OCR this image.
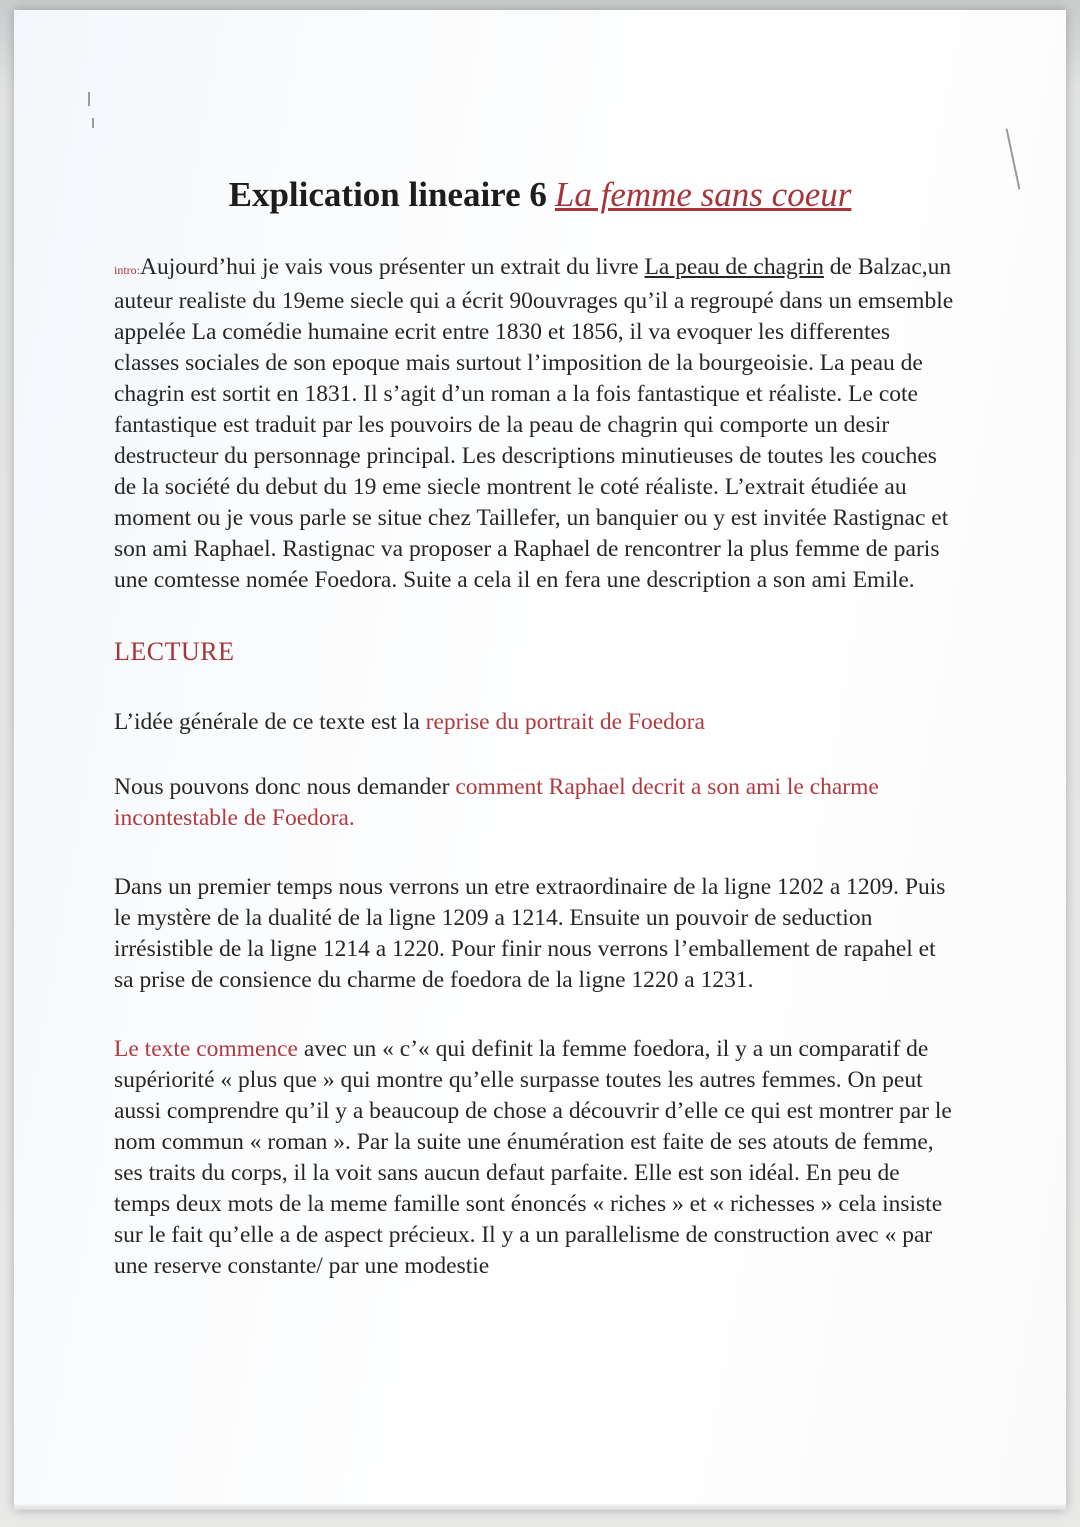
Explication lineaire 6 La femme sans coeur

intro:Aujourd’hui je vais vous présenter un extrait du livre La peau de chagrin de Balzac,un auteur realiste du 19eme siecle qui a écrit 90ouvrages qu’il a regroupé dans un emsemble appelée La comédie humaine ecrit entre 1830 et 1856, il va evoquer les differentes classes sociales de son epoque mais surtout l’imposition de la bourgeoisie. La peau de chagrin est sortit en 1831. Il s’agit d’un roman a la fois fantastique et réaliste. Le cote fantastique est traduit par les pouvoirs de la peau de chagrin qui comporte un desir destructeur du personnage principal. Les descriptions minutieuses de toutes les couches de la société du debut du 19 eme siecle montrent le coté réaliste. L’extrait étudiée au moment ou je vous parle se situe chez Taillefer, un banquier ou y est invitée Rastignac et son ami Raphael. Rastignac va proposer a Raphael de rencontrer la plus femme de paris une comtesse nomée Foedora. Suite a cela il en fera une description a son ami Emile.

LECTURE

L’idée générale de ce texte est la reprise du portrait de Foedora

Nous pouvons donc nous demander comment Raphael decrit a son ami le charme incontestable de Foedora.

Dans un premier temps nous verrons un etre extraordinaire de la ligne 1202 a 1209. Puis le mystère de la dualité de la ligne 1209 a 1214. Ensuite un pouvoir de seduction irrésistible de la ligne 1214 a 1220. Pour finir nous verrons l’emballement de rapahel et sa prise de consience du charme de foedora de la ligne 1220 a 1231.

Le texte commence avec un « c’« qui definit la femme foedora, il y a un comparatif de supériorité « plus que » qui montre qu’elle surpasse toutes les autres femmes. On peut aussi comprendre qu’il y a beaucoup de chose a découvrir d’elle ce qui est montrer par le nom commun « roman ». Par la suite une énumération est faite de ses atouts de femme, ses traits du corps, il la voit sans aucun defaut parfaite. Elle est son idéal. En peu de temps deux mots de la meme famille sont énoncés « riches » et « richesses » cela insiste sur le fait qu’elle a de aspect précieux. Il y a un parallelisme de construction avec « par une reserve constante/ par une modestie
